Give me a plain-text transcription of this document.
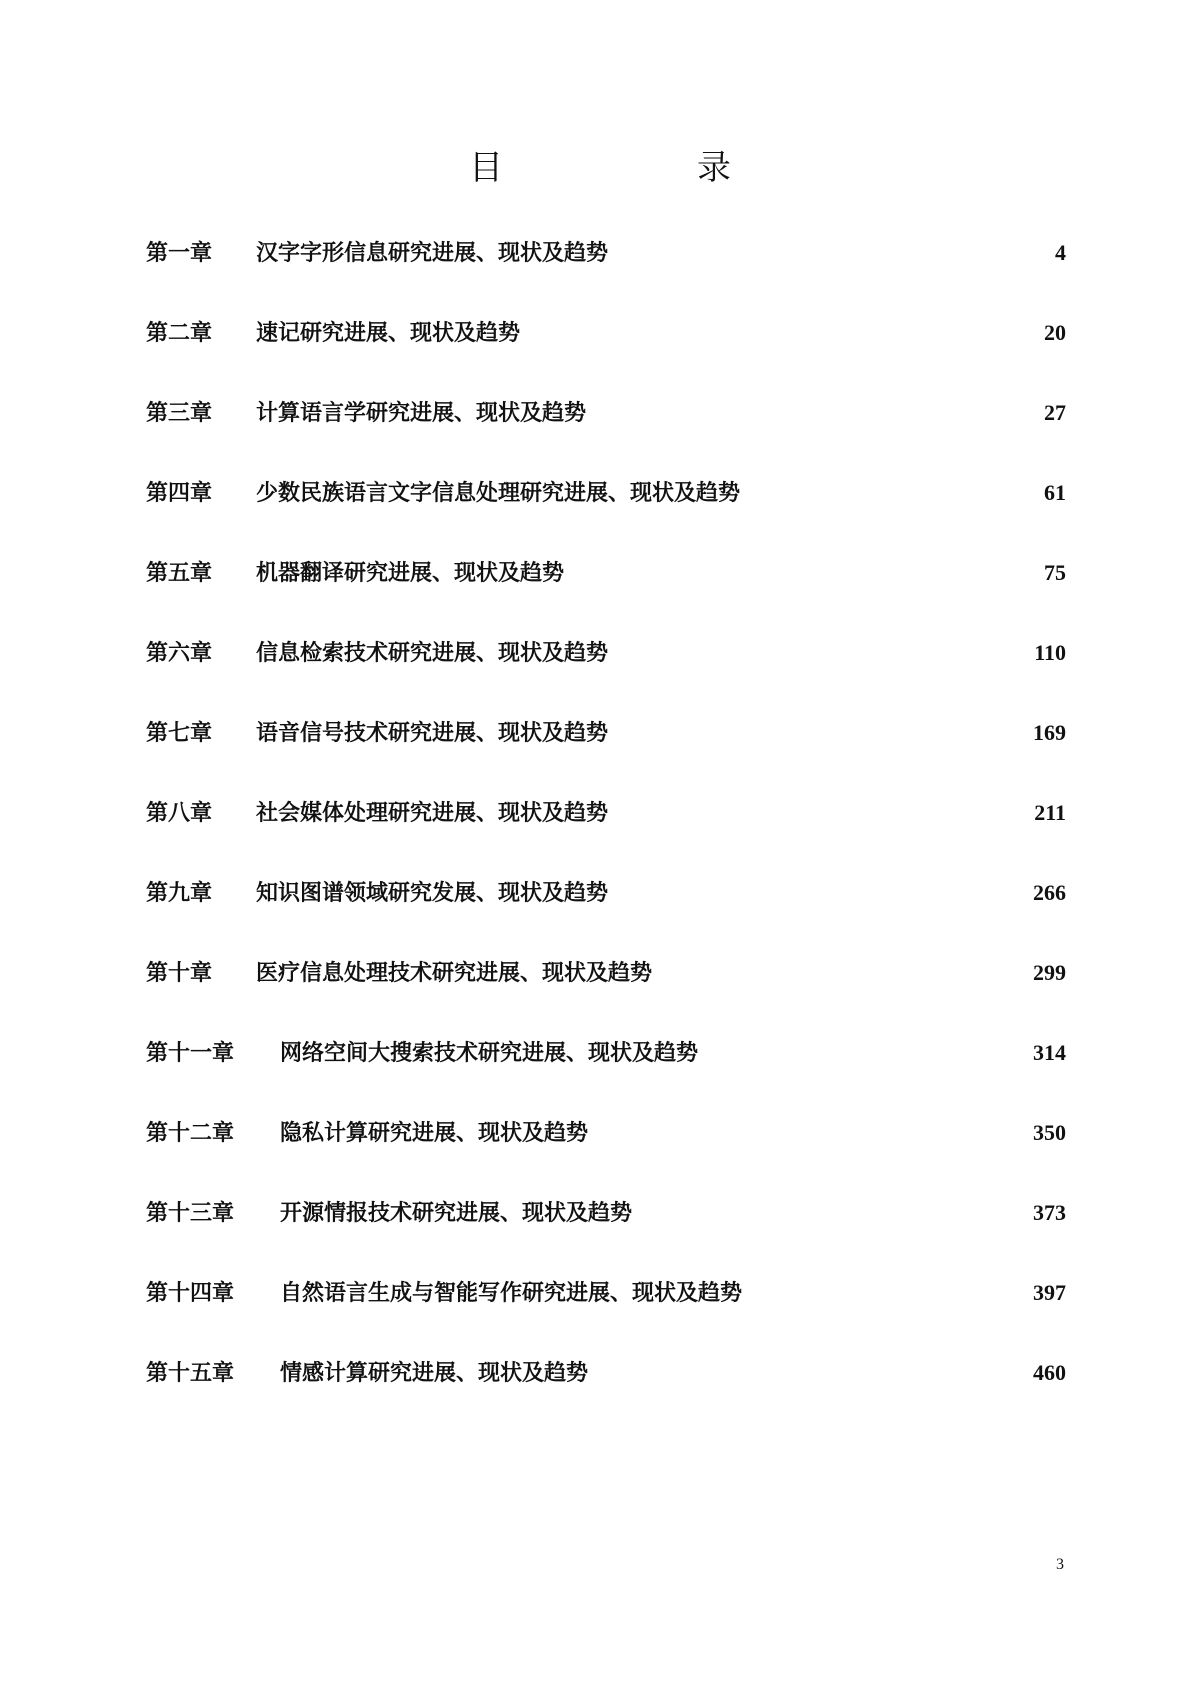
目　录
第一章 汉字字形信息研究进展、现状及趋势	4
第二章 速记研究进展、现状及趋势	20
第三章 计算语言学研究进展、现状及趋势	27
第四章 少数民族语言文字信息处理研究进展、现状及趋势	61
第五章 机器翻译研究进展、现状及趋势	75
第六章 信息检索技术研究进展、现状及趋势	110
第七章 语音信号技术研究进展、现状及趋势	169
第八章 社会媒体处理研究进展、现状及趋势	211
第九章 知识图谱领域研究发展、现状及趋势	266
第十章 医疗信息处理技术研究进展、现状及趋势	299
第十一章 网络空间大搜索技术研究进展、现状及趋势	314
第十二章 隐私计算研究进展、现状及趋势	350
第十三章 开源情报技术研究进展、现状及趋势	373
第十四章 自然语言生成与智能写作研究进展、现状及趋势	397
第十五章 情感计算研究进展、现状及趋势	460
3
